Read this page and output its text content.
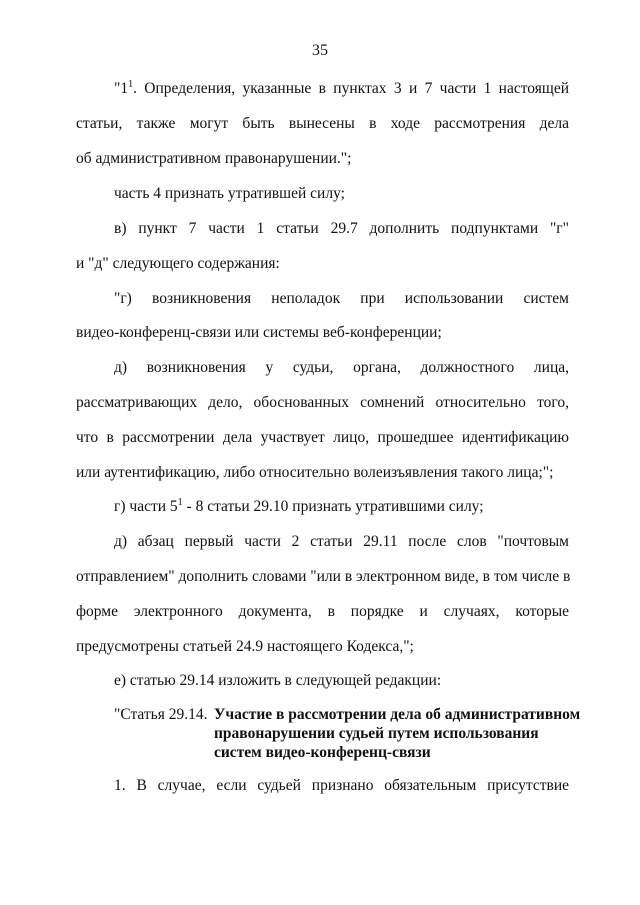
35
"$1^1$. Определения, указанные в пунктах 3 и 7 части 1 настоящей
статьи, также могут быть вынесены в ходе рассмотрения дела
об административном правонарушении.";
часть 4 признать утратившей силу;
в) пункт 7 части 1 статьи 29.7 дополнить подпунктами "г"
и "д" следующего содержания:
"г) возникновения неполадок при использовании систем
видео-конференц-связи или системы веб-конференции;
д) возникновения у судьи, органа, должностного лица,
рассматривающих дело, обоснованных сомнений относительно того,
что в рассмотрении дела участвует лицо, прошедшее идентификацию
или аутентификацию, либо относительно волеизъявления такого лица;";
г) части $5^1 - 8$ статьи 29.10 признать утратившими силу;
д) абзац первый части 2 статьи 29.11 после слов "почтовым
отправлением" дополнить словами "или в электронном виде, в том числе в
форме электронного документа, в порядке и случаях, которые
предусмотрены статьей 24.9 настоящего Кодекса,";
е) статью 29.14 изложить в следующей редакции:
"Статья 29.14. Участие в рассмотрении дела об административном
правонарушении судьей путем использования
систем видео-конференц-связи
1. В случае, если судьей признано обязательным присутствие
